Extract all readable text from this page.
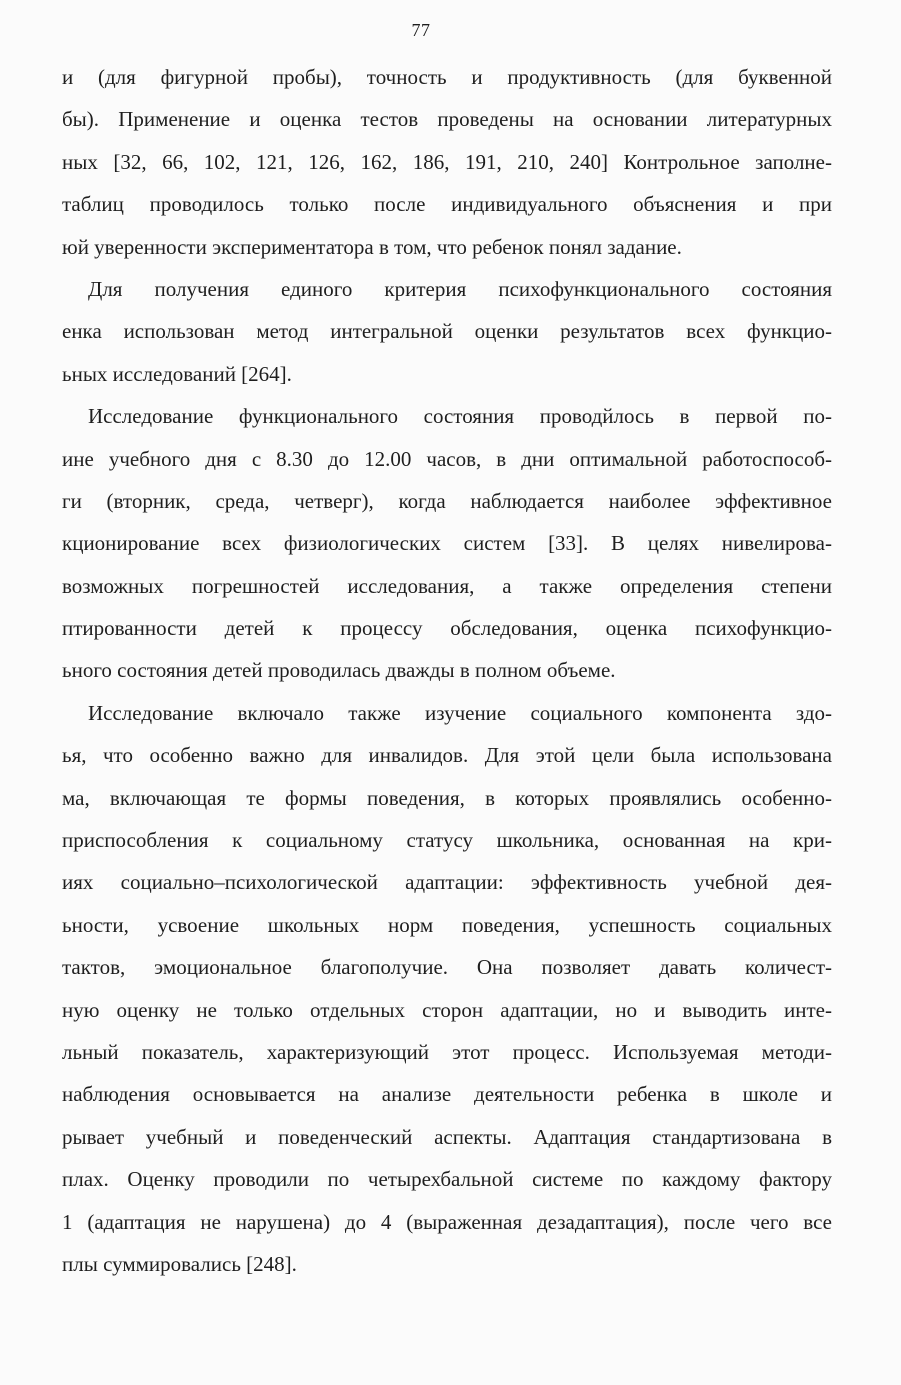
77
и (для фигурной пробы), точность и продуктивность (для буквенной
бы). Применение и оценка тестов проведены на основании литературных
ных [32, 66, 102, 121, 126, 162, 186, 191, 210, 240] Контрольное заполне-
таблиц проводилось только после индивидуального объяснения и при
юй уверенности экспериментатора в том, что ребенок понял задание.
Для получения единого критерия психофункционального состояния
енка использован метод интегральной оценки результатов всех функцио-
ьных исследований [264].
Исследование функционального состояния проводйлось в первой по-
ине учебного дня с 8.30 до 12.00 часов, в дни оптимальной работоспособ-
ги (вторник, среда, четверг), когда наблюдается наиболее эффективное
кционирование всех физиологических систем [33]. В целях нивелирова-
возможных погрешностей исследования, а также определения степени
птированности детей к процессу обследования, оценка психофункцио-
ьного состояния детей проводилась дважды в полном объеме.
Исследование включало также изучение социального компонента здо-
ья, что особенно важно для инвалидов. Для этой цели была использована
ма, включающая те формы поведения, в которых проявлялись особенно-
приспособления к социальному статусу школьника, основанная на кри-
иях социально–психологической адаптации: эффективность учебной дея-
ьности, усвоение школьных норм поведения, успешность социальных
тактов, эмоциональное благополучие. Она позволяет давать количест-
ную оценку не только отдельных сторон адаптации, но и выводить инте-
льный показатель, характеризующий этот процесс. Используемая методи-
наблюдения основывается на анализе деятельности ребенка в школе и
рывает учебный и поведенческий аспекты. Адаптация стандартизована в
плах. Оценку проводили по четырехбальной системе по каждому фактору
1 (адаптация не нарушена) до 4 (выраженная дезадаптация), после чего все
плы суммировались [248].
